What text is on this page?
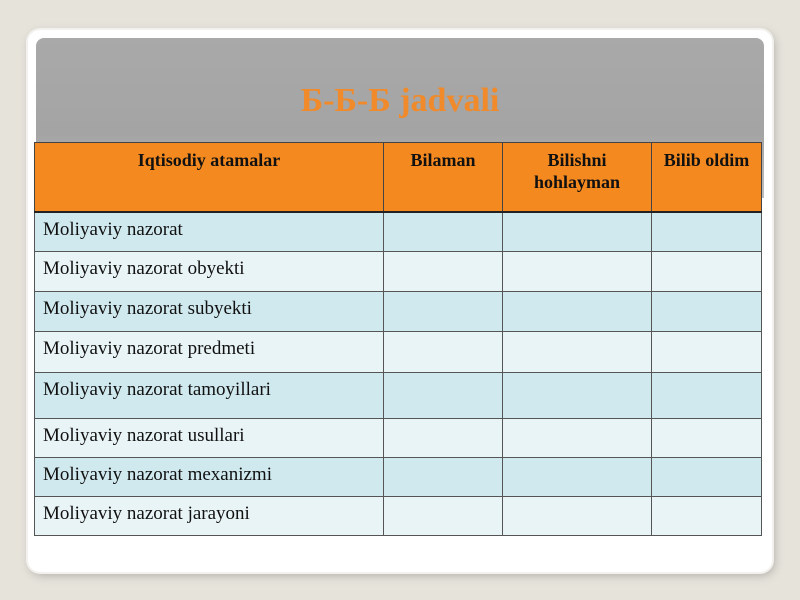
Б-Б-Б jadvali
Iqtisodiy atamalar	Bilaman	Bilishni hohlayman	Bilib oldim
Moliyaviy nazorat			
Moliyaviy nazorat obyekti			
Moliyaviy nazorat subyekti			
Moliyaviy nazorat predmeti			
Moliyaviy nazorat tamoyillari			
Moliyaviy nazorat usullari			
Moliyaviy nazorat mexanizmi			
Moliyaviy nazorat jarayoni			
